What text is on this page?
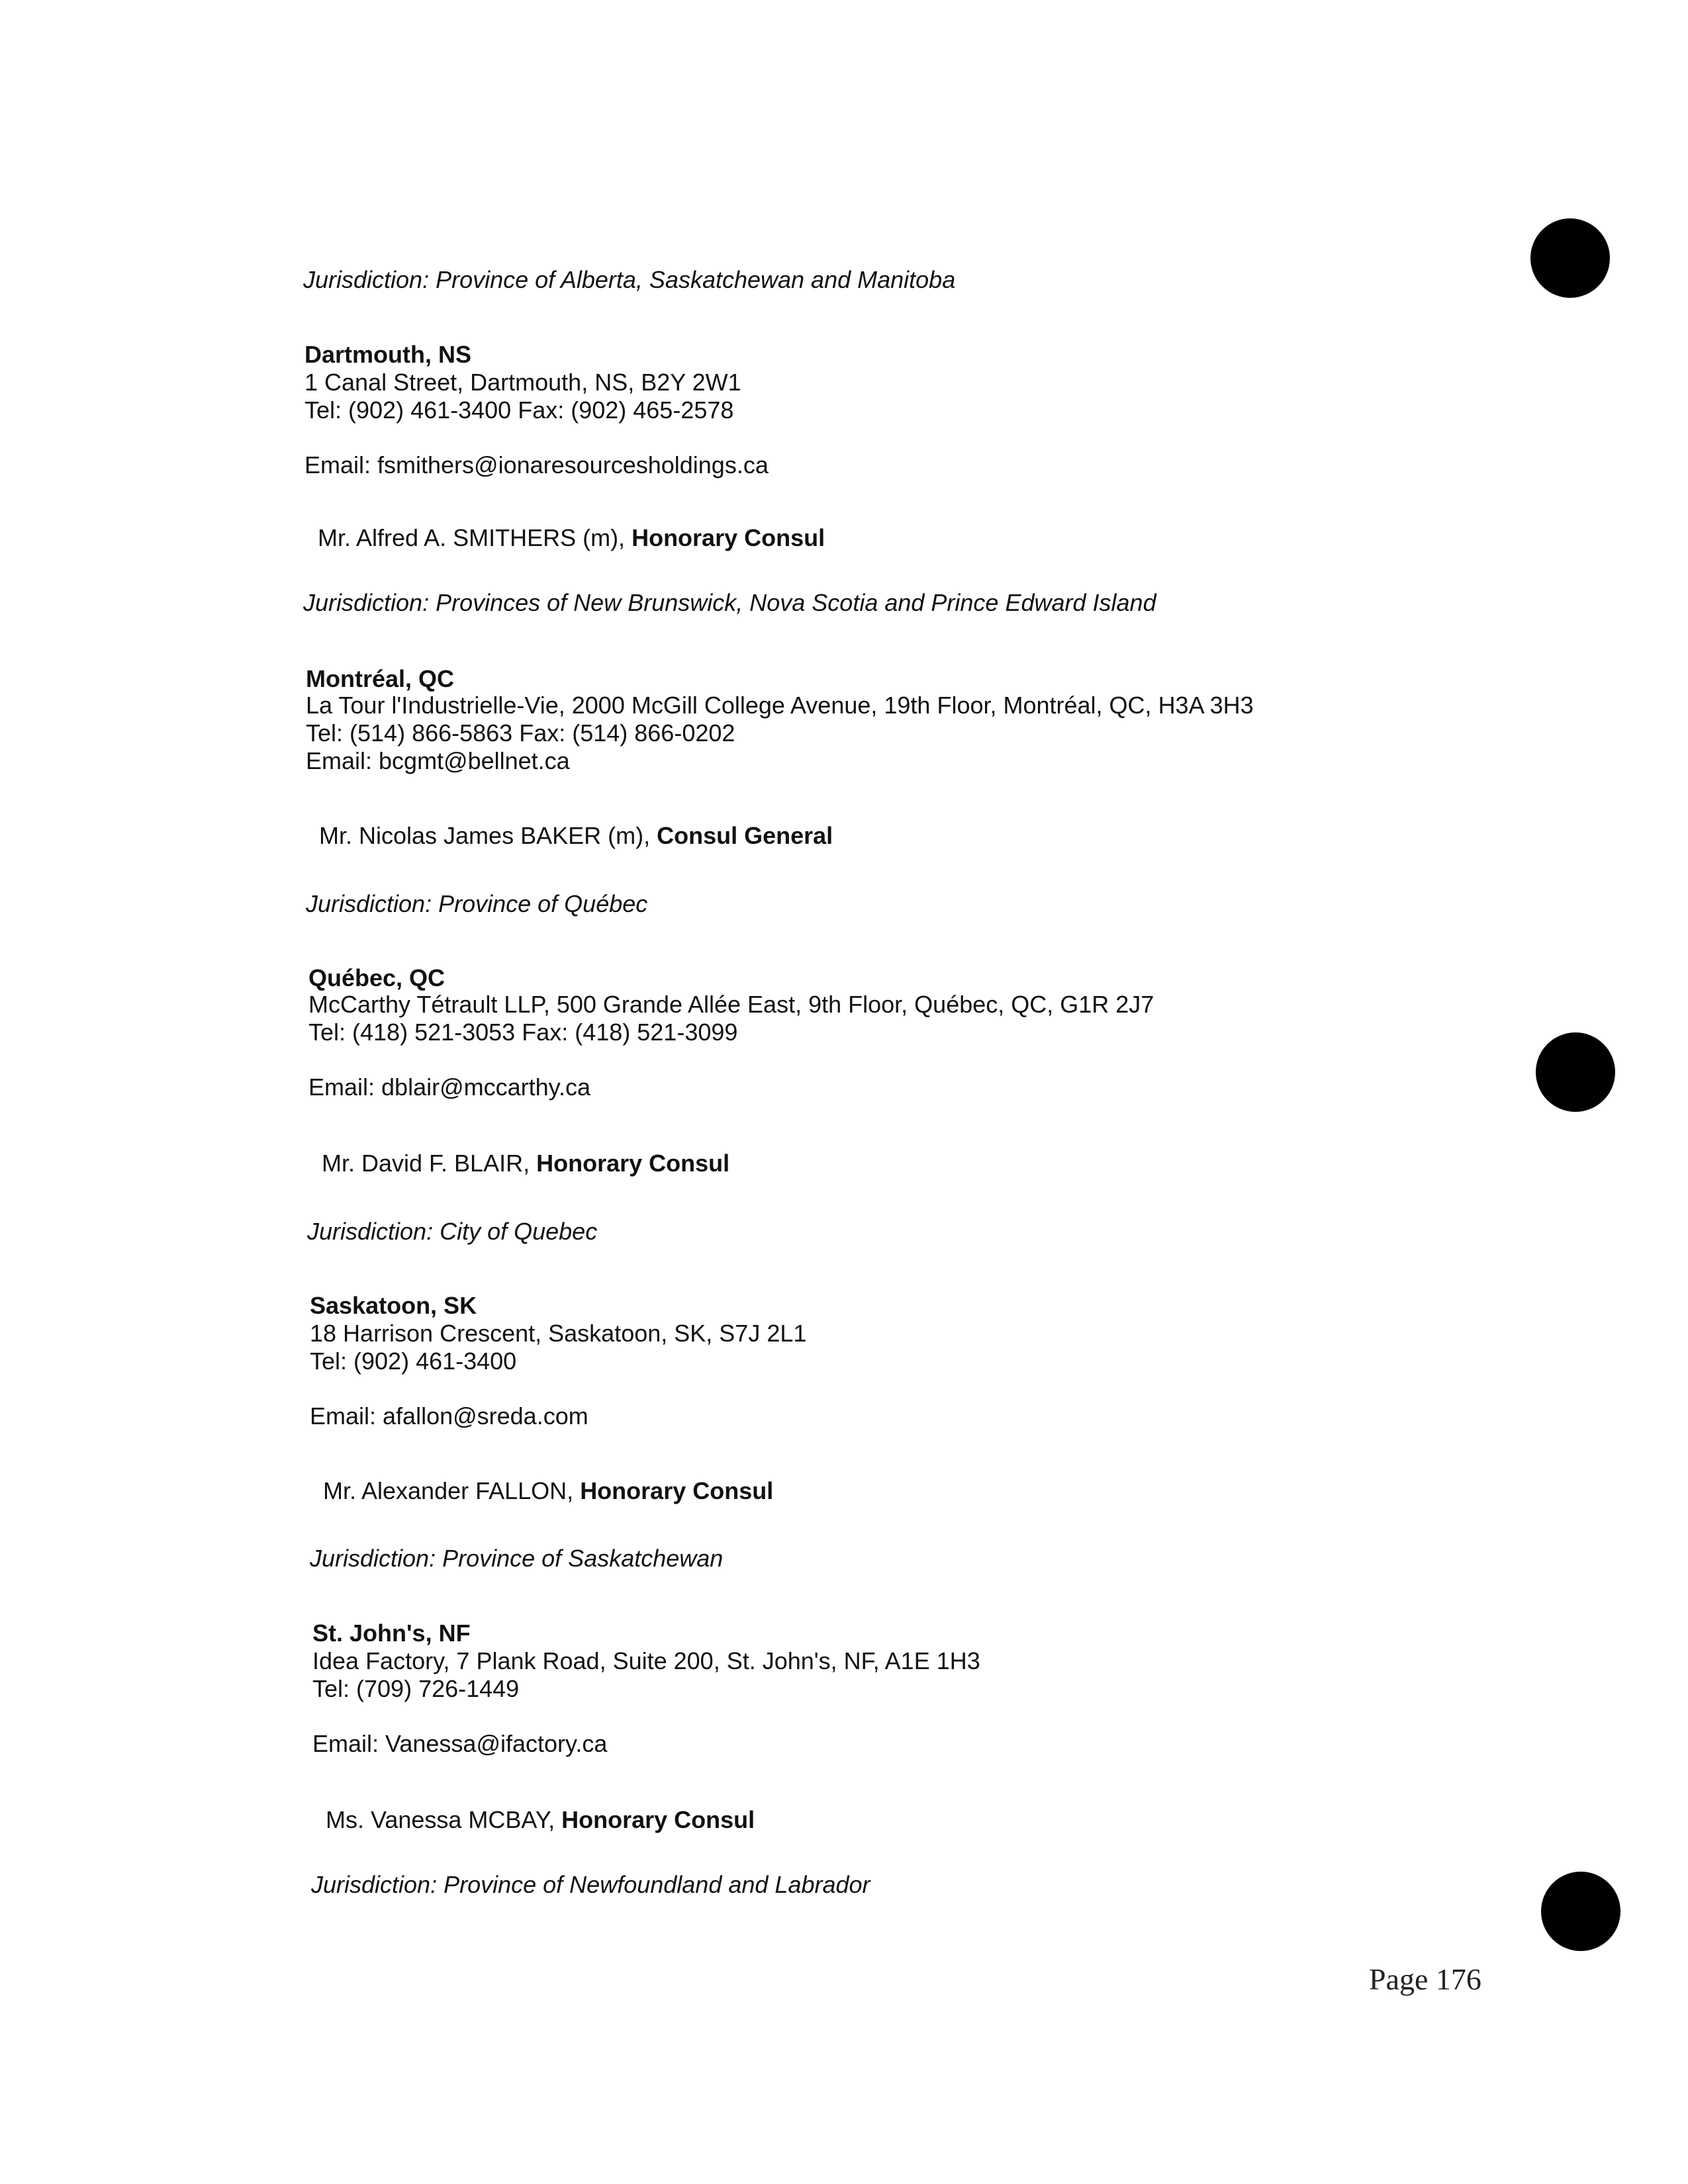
Jurisdiction: Province of Alberta, Saskatchewan and Manitoba
Dartmouth, NS
1 Canal Street, Dartmouth, NS, B2Y 2W1
Tel: (902) 461-3400 Fax: (902) 465-2578
Email: fsmithers@ionaresourcesholdings.ca
Mr. Alfred A. SMITHERS (m), Honorary Consul
Jurisdiction: Provinces of New Brunswick, Nova Scotia and Prince Edward Island
Montréal, QC
La Tour l'Industrielle-Vie, 2000 McGill College Avenue, 19th Floor, Montréal, QC, H3A 3H3
Tel: (514) 866-5863 Fax: (514) 866-0202
Email: bcgmt@bellnet.ca
Mr. Nicolas James BAKER (m), Consul General
Jurisdiction: Province of Québec
Québec, QC
McCarthy Tétrault LLP, 500 Grande Allée East, 9th Floor, Québec, QC, G1R 2J7
Tel: (418) 521-3053 Fax: (418) 521-3099
Email: dblair@mccarthy.ca
Mr. David F. BLAIR, Honorary Consul
Jurisdiction: City of Quebec
Saskatoon, SK
18 Harrison Crescent, Saskatoon, SK, S7J 2L1
Tel: (902) 461-3400
Email: afallon@sreda.com
Mr. Alexander FALLON, Honorary Consul
Jurisdiction: Province of Saskatchewan
St. John's, NF
Idea Factory, 7 Plank Road, Suite 200, St. John's, NF, A1E 1H3
Tel: (709) 726-1449
Email: Vanessa@ifactory.ca
Ms. Vanessa MCBAY, Honorary Consul
Jurisdiction: Province of Newfoundland and Labrador
Page 176
